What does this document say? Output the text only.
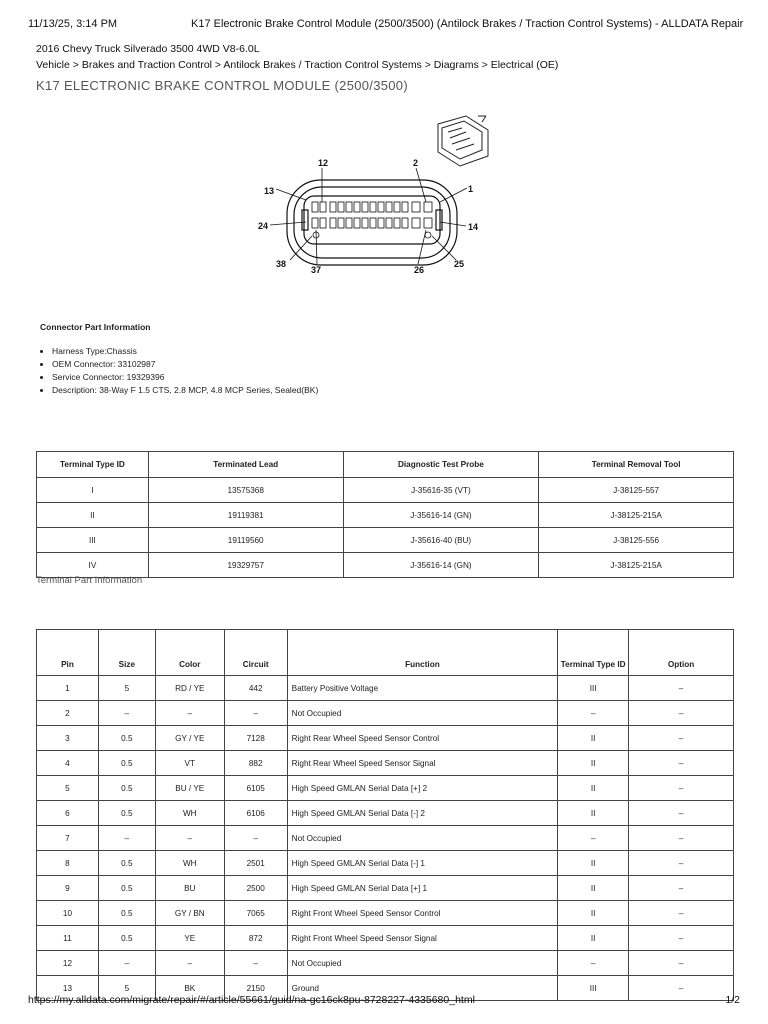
11/13/25, 3:14 PM	K17 Electronic Brake Control Module (2500/3500) (Antilock Brakes / Traction Control Systems) - ALLDATA Repair
2016 Chevy Truck Silverado 3500 4WD V8-6.0L
Vehicle > Brakes and Traction Control > Antilock Brakes / Traction Control Systems > Diagrams > Electrical (OE)
K17 ELECTRONIC BRAKE CONTROL MODULE (2500/3500)
12	2
13	1
24	14
38
37	26
25
Connector Part Information
• Harness Type:Chassis
• OEM Connector: 33102987
• Service Connector: 19329396
• Description: 38-Way F 1.5 CTS, 2.8 MCP, 4.8 MCP Series, Sealed(BK)
Terminal Type ID	Terminated Lead	Diagnostic Test Probe	Terminal Removal Tool
I	13575368	J-35616-35 (VT)	J-38125-557
II	19119381	J-35616-14 (GN)	J-38125-215A
III	19119560	J-35616-40 (BU)	J-38125-556
IV	19329757	J-35616-14 (GN)	J-38125-215A
Terminal Part Information
Pin	Size	Color	Circuit	Function	Terminal Type ID	Option
1	5	RD / YE	442	Battery Positive Voltage	III	–
2	–	–	–	Not Occupied	–	–
3	0.5	GY / YE	7128	Right Rear Wheel Speed Sensor Control	II	–
4	0.5	VT	882	Right Rear Wheel Speed Sensor Signal	II	–
5	0.5	BU / YE	6105	High Speed GMLAN Serial Data [+] 2	II	–
6	0.5	WH	6106	High Speed GMLAN Serial Data [-] 2	II	–
7	–	–	–	Not Occupied	–	–
8	0.5	WH	2501	High Speed GMLAN Serial Data [-] 1	II	–
9	0.5	BU	2500	High Speed GMLAN Serial Data [+] 1	II	–
10	0.5	GY / BN	7065	Right Front Wheel Speed Sensor Control	II	–
11	0.5	YE	872	Right Front Wheel Speed Sensor Signal	II	–
12	–	–	–	Not Occupied	–	–
13	5	BK	2150	Ground	III	–
https://my.alldata.com/migrate/repair/#/article/55661/guid/na-gc16ck8pu-8728227-4335680_html	1/2
